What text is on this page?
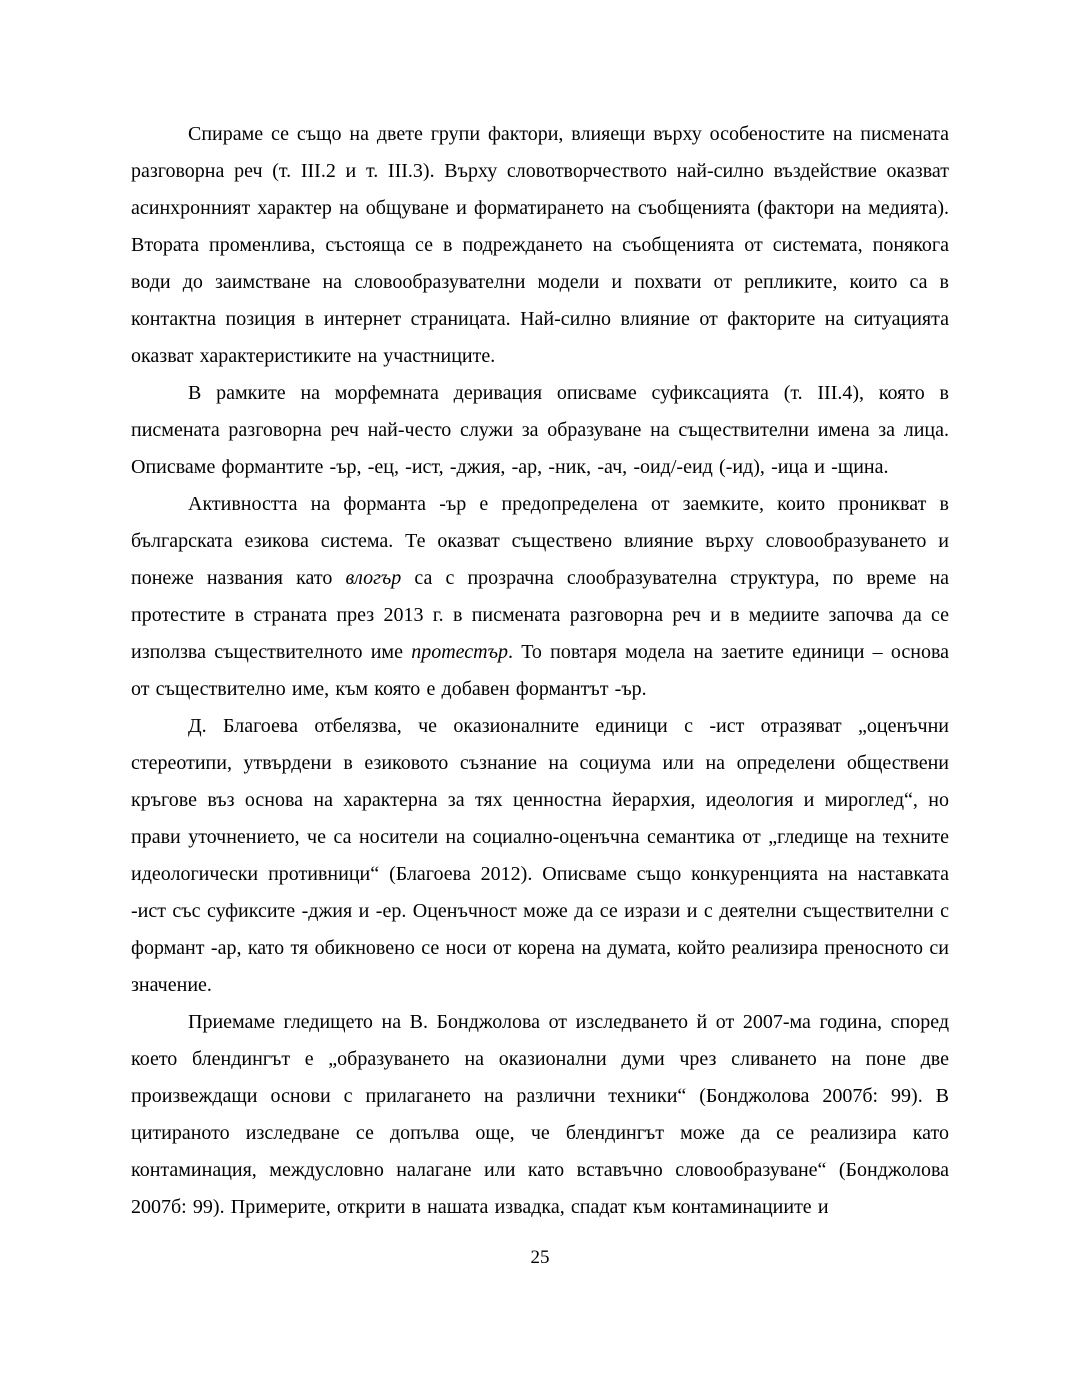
Спираме се също на двете групи фактори, влияещи върху особеностите на писмената разговорна реч (т. III.2 и т. III.3). Върху словотворчеството най-силно въздействие оказват асинхронният характер на общуване и форматирането на съобщенията (фактори на медията). Втората променлива, състояща се в подреждането на съобщенията от системата, понякога води до заимстване на словообразувателни модели и похвати от репликите, които са в контактна позиция в интернет страницата. Най-силно влияние от факторите на ситуацията оказват характеристиките на участниците.

В рамките на морфемната деривация описваме суфиксацията (т. III.4), която в писмената разговорна реч най-често служи за образуване на съществителни имена за лица. Описваме формантите -ър, -ец, -ист, -джия, -ар, -ник, -ач, -оид/-еид (-ид), -ица и -щина.

Активността на форманта -ър е предопределена от заемките, които проникват в българската езикова система. Те оказват съществено влияние върху словообразуването и понеже названия като влогър са с прозрачна слообразувателна структура, по време на протестите в страната през 2013 г. в писмената разговорна реч и в медиите започва да се използва съществителното име протестър. То повтаря модела на заетите единици – основа от съществително име, към която е добавен формантът -ър.

Д. Благоева отбелязва, че оказионалните единици с -ист отразяват „оценъчни стереотипи, утвърдени в езиковото съзнание на социума или на определени обществени кръгове въз основа на характерна за тях ценностна йерархия, идеология и мироглед“, но прави уточнението, че са носители на социално-оценъчна семантика от „гледище на техните идеологически противници“ (Благоева 2012). Описваме също конкуренцията на наставката -ист със суфиксите -джия и -ер. Оценъчност може да се изрази и с деятелни съществителни с формант -ар, като тя обикновено се носи от корена на думата, който реализира преносното си значение.

Приемаме гледището на В. Бонджолова от изследването й от 2007-ма година, според което блендингът е „образуването на оказионални думи чрез сливането на поне две произвеждащи основи с прилагането на различни техники“ (Бонджолова 2007б: 99). В цитираното изследване се допълва още, че блендингът може да се реализира като контаминация, междусловно налагане или като вставъчно словообразуване“ (Бонджолова 2007б: 99). Примерите, открити в нашата извадка, спадат към контаминациите и

25
